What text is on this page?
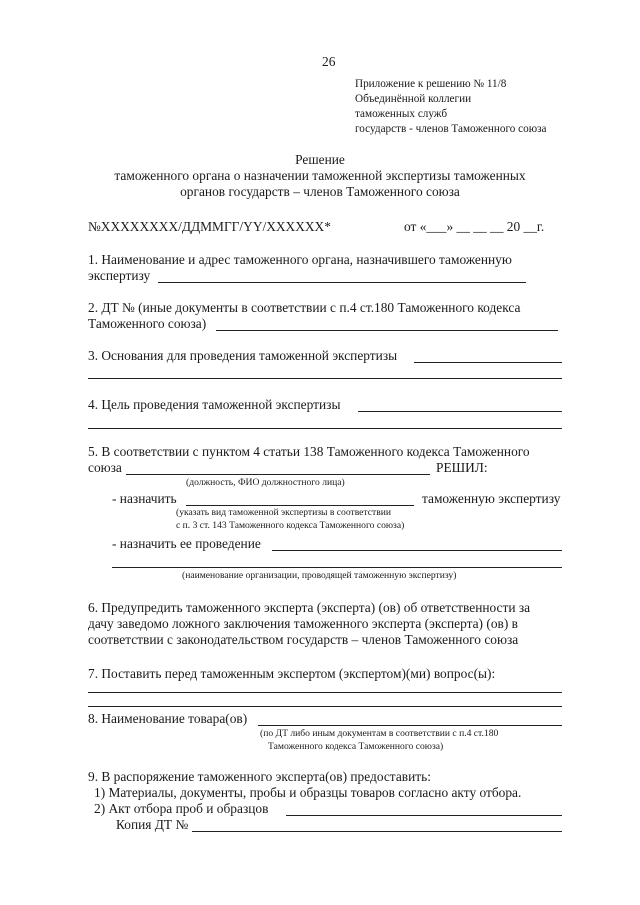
26
Приложение к решению № 11/8
Объединённой коллегии
таможенных служб
государств - членов Таможенного союза
Решение
таможенного органа о назначении таможенной экспертизы таможенных
органов государств – членов Таможенного союза
№XXXXXXXX/ДДММГГ/YY/XXXXXX*	от «___» __ __ __ 20 __г.
1. Наименование и адрес таможенного органа, назначившего таможенную
экспертизу
2. ДТ № (иные документы в соответствии с п.4 ст.180 Таможенного кодекса
Таможенного союза)
3. Основания для проведения таможенной экспертизы
4. Цель проведения таможенной экспертизы
5. В соответствии с пунктом 4 статьи 138 Таможенного кодекса Таможенного
союза	РЕШИЛ:
(должность, ФИО должностного лица)
- назначить	таможенную экспертизу
(указать вид таможенной экспертизы в соответствии
с п. 3 ст. 143 Таможенного кодекса Таможенного союза)
- назначить ее проведение
(наименование организации, проводящей таможенную экспертизу)
6. Предупредить таможенного эксперта (эксперта) (ов) об ответственности за
дачу заведомо ложного заключения таможенного эксперта (эксперта) (ов) в
соответствии с законодательством государств – членов Таможенного союза
7. Поставить перед таможенным экспертом (экспертом)(ми) вопрос(ы):
8. Наименование товара(ов)
(по ДТ либо иным документам в соответствии с п.4 ст.180
Таможенного кодекса Таможенного союза)
9. В распоряжение таможенного эксперта(ов) предоставить:
1) Материалы, документы, пробы и образцы товаров согласно акту отбора.
2) Акт отбора проб и образцов
Копия ДТ №
